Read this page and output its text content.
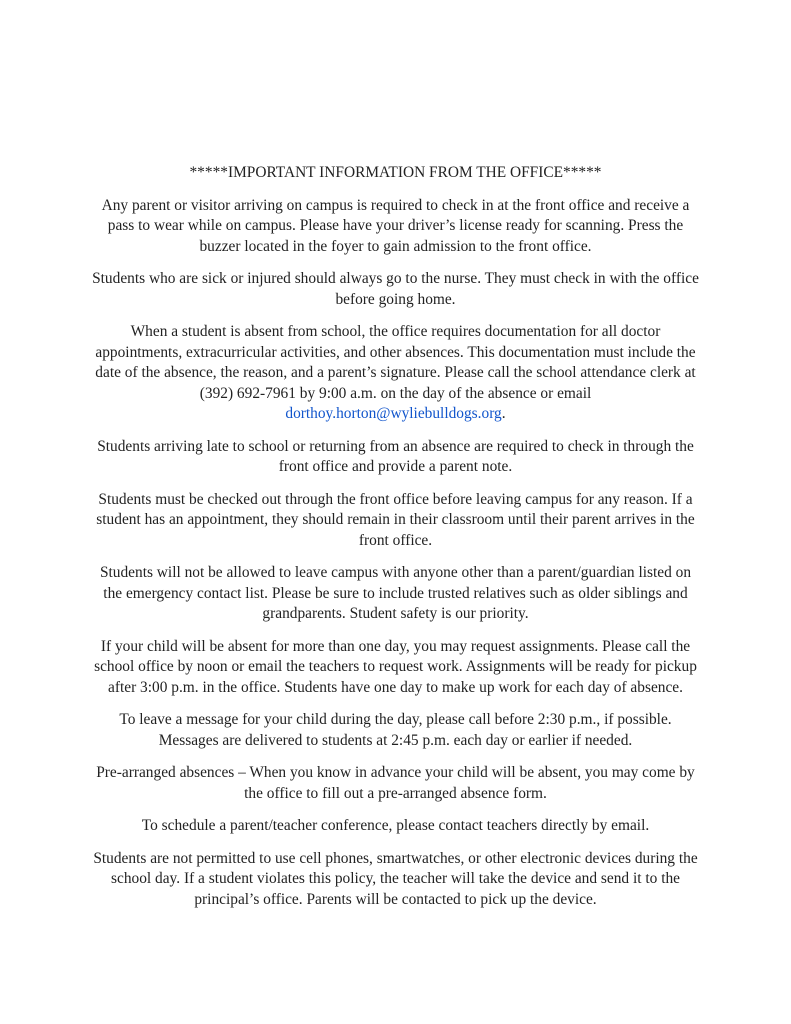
*****IMPORTANT INFORMATION FROM THE OFFICE*****

Any parent or visitor arriving on campus is required to check in at the front office and receive a pass to wear while on campus. Please have your driver’s license ready for scanning. Press the buzzer located in the foyer to gain admission to the front office.

Students who are sick or injured should always go to the nurse. They must check in with the office before going home.

When a student is absent from school, the office requires documentation for all doctor appointments, extracurricular activities, and other absences. This documentation must include the date of the absence, the reason, and a parent’s signature. Please call the school attendance clerk at (392) 692-7961 by 9:00 a.m. on the day of the absence or email dorthoy.horton@wyliebulldogs.org.

Students arriving late to school or returning from an absence are required to check in through the front office and provide a parent note.

Students must be checked out through the front office before leaving campus for any reason. If a student has an appointment, they should remain in their classroom until their parent arrives in the front office.

Students will not be allowed to leave campus with anyone other than a parent/guardian listed on the emergency contact list. Please be sure to include trusted relatives such as older siblings and grandparents. Student safety is our priority.

If your child will be absent for more than one day, you may request assignments. Please call the school office by noon or email the teachers to request work. Assignments will be ready for pickup after 3:00 p.m. in the office. Students have one day to make up work for each day of absence.

To leave a message for your child during the day, please call before 2:30 p.m., if possible. Messages are delivered to students at 2:45 p.m. each day or earlier if needed.

Pre-arranged absences – When you know in advance your child will be absent, you may come by the office to fill out a pre-arranged absence form.

To schedule a parent/teacher conference, please contact teachers directly by email.

Students are not permitted to use cell phones, smartwatches, or other electronic devices during the school day. If a student violates this policy, the teacher will take the device and send it to the principal’s office. Parents will be contacted to pick up the device.
